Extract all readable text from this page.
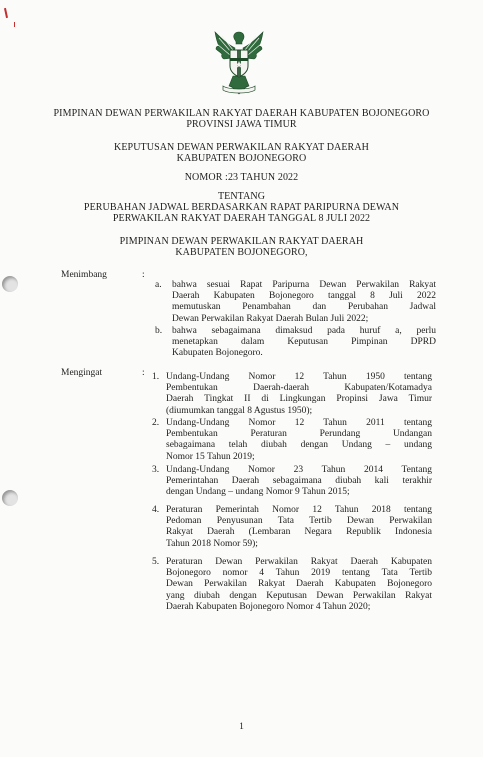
PIMPINAN DEWAN PERWAKILAN RAKYAT DAERAH KABUPATEN BOJONEGORO
PROVINSI JAWA TIMUR
KEPUTUSAN DEWAN PERWAKILAN RAKYAT DAERAH
KABUPATEN BOJONEGORO
NOMOR :23 TAHUN 2022
TENTANG
PERUBAHAN JADWAL BERDASARKAN RAPAT PARIPURNA DEWAN
PERWAKILAN RAKYAT DAERAH TANGGAL 8 JULI 2022
PIMPINAN DEWAN PERWAKILAN RAKYAT DAERAH
KABUPATEN BOJONEGORO,
Menimbang	:
a. bahwa sesuai Rapat Paripurna Dewan Perwakilan Rakyat
Daerah Kabupaten Bojonegoro tanggal 8 Juli 2022
memutuskan Penambahan dan Perubahan Jadwal
Dewan Perwakilan Rakyat Daerah Bulan Juli 2022;
b. bahwa sebagaimana dimaksud pada huruf a, perlu
menetapkan dalam Keputusan Pimpinan DPRD
Kabupaten Bojonegoro.
Mengingat	: 1. Undang-Undang Nomor 12 Tahun 1950 tentang
Pembentukan Daerah-daerah Kabupaten/Kotamadya
Daerah Tingkat II di Lingkungan Propinsi Jawa Timur
(diumumkan tanggal 8 Agustus 1950);
2. Undang-Undang Nomor 12 Tahun 2011 tentang
Pembentukan Peraturan Perundang Undangan
sebagaimana telah diubah dengan Undang – undang
Nomor 15 Tahun 2019;
3. Undang-Undang Nomor 23 Tahun 2014 Tentang
Pemerintahan Daerah sebagaimana diubah kali terakhir
dengan Undang – undang Nomor 9 Tahun 2015;
4. Peraturan Pemerintah Nomor 12 Tahun 2018 tentang
Pedoman Penyusunan Tata Tertib Dewan Perwakilan
Rakyat Daerah (Lembaran Negara Republik Indonesia
Tahun 2018 Nomor 59);
5. Peraturan Dewan Perwakilan Rakyat Daerah Kabupaten
Bojonegoro nomor 4 Tahun 2019 tentang Tata Tertib
Dewan Perwakilan Rakyat Daerah Kabupaten Bojonegoro
yang diubah dengan Keputusan Dewan Perwakilan Rakyat
Daerah Kabupaten Bojonegoro Nomor 4 Tahun 2020;
1
